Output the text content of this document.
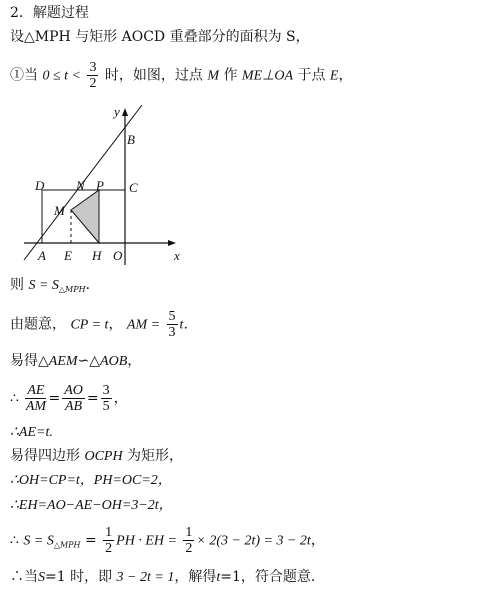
2．解题过程
设△MPH 与矩形 AOCD 重叠部分的面积为 S，
①当 $0 \le t < \frac{3}{2}$ 时，如图，过点 M 作 ME⊥OA 于点 E，
y
x
B
C
D N P
M
A E H O
则 $S = S_{\triangle MPH}$．
由题意， CP = t， AM = $\frac{5}{3}$ t．
易得△AEM∽△AOB，
∴ $\frac{AE}{AM} = \frac{AO}{AB} = \frac{3}{5}$ ，
∴AE=t.
易得四边形 OCPH 为矩形，
∴OH=CP=t，PH=OC=2，
∴EH=AO−AE−OH=3−2t，
∴ $S = S_{\triangle MPH} = \frac{1}{2}$ PH · EH = $\frac{1}{2} \times 2(3 - 2t) = 3 - 2t$，
∴当S=1 时，即 3 − 2t = 1，解得t=1，符合题意．
